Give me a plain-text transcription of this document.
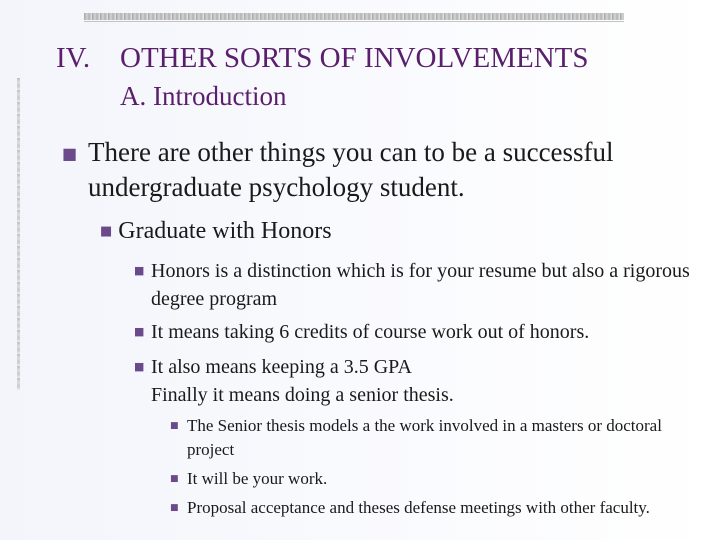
IV. OTHER SORTS OF INVOLVEMENTS
A. Introduction
■ There are other things you can to be a successful undergraduate psychology student.
■ Graduate with Honors
■ Honors is a distinction which is for your resume but also a rigorous degree program
■ It means taking 6 credits of course work out of honors.
■ It also means keeping a 3.5 GPA
Finally it means doing a senior thesis.
■ The Senior thesis models a the work involved in a masters or doctoral project
■ It will be your work.
■ Proposal acceptance and theses defense meetings with other faculty.
